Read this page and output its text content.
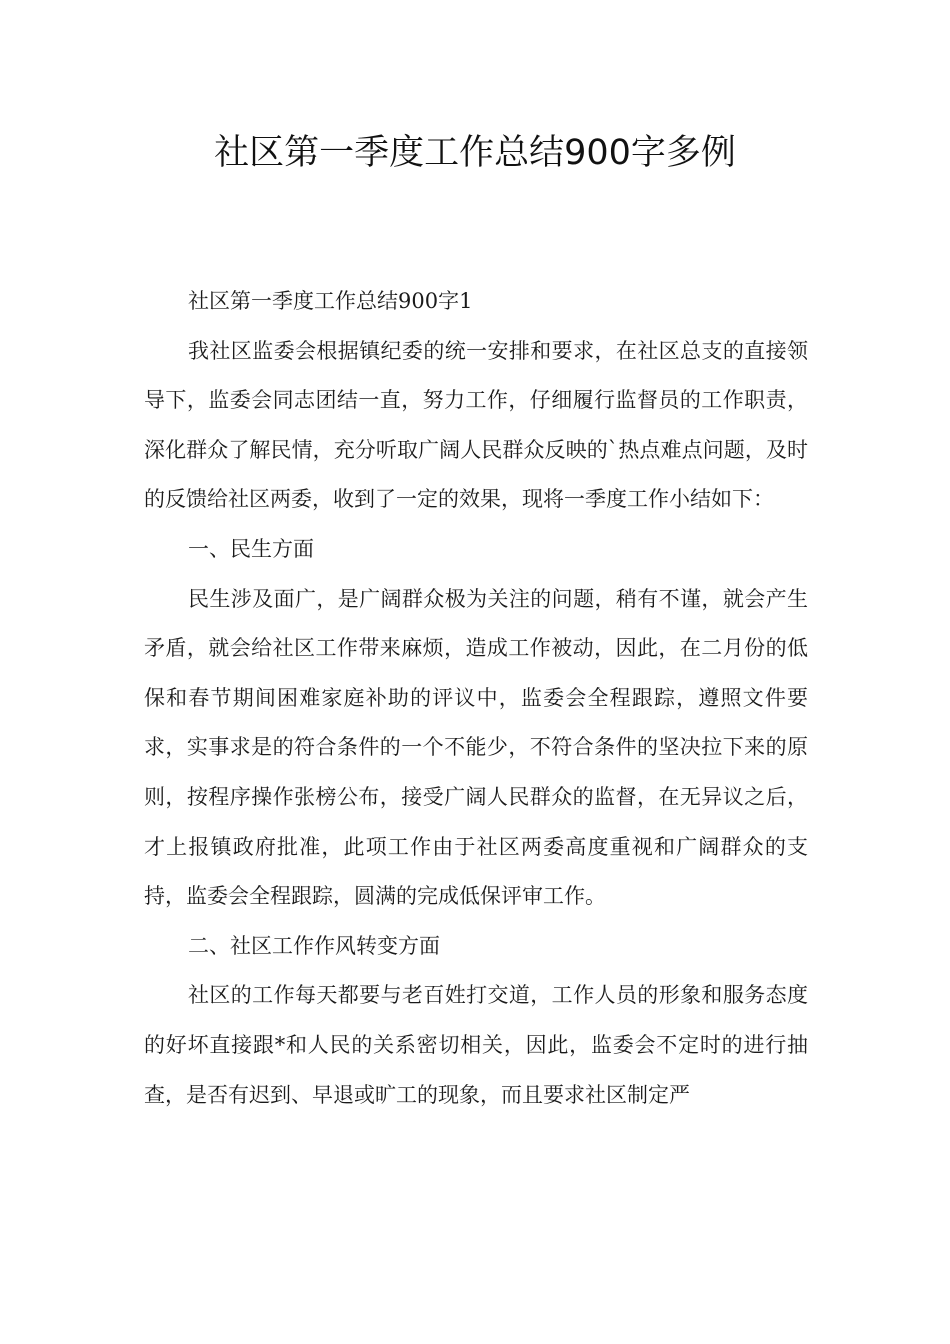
社区第一季度工作总结900字多例

社区第一季度工作总结900字1

我社区监委会根据镇纪委的统一安排和要求，在社区总支的直接领导下，监委会同志团结一直，努力工作，仔细履行监督员的工作职责，深化群众了解民情，充分听取广阔人民群众反映的`热点难点问题，及时的反馈给社区两委，收到了一定的效果，现将一季度工作小结如下：

一、民生方面

民生涉及面广，是广阔群众极为关注的问题，稍有不谨，就会产生矛盾，就会给社区工作带来麻烦，造成工作被动，因此，在二月份的低保和春节期间困难家庭补助的评议中，监委会全程跟踪，遵照文件要求，实事求是的符合条件的一个不能少，不符合条件的坚决拉下来的原则，按程序操作张榜公布，接受广阔人民群众的监督，在无异议之后，才上报镇政府批准，此项工作由于社区两委高度重视和广阔群众的支持，监委会全程跟踪，圆满的完成低保评审工作。

二、社区工作作风转变方面

社区的工作每天都要与老百姓打交道，工作人员的形象和服务态度的好坏直接跟*和人民的关系密切相关，因此，监委会不定时的进行抽查，是否有迟到、早退或旷工的现象，而且要求社区制定严
